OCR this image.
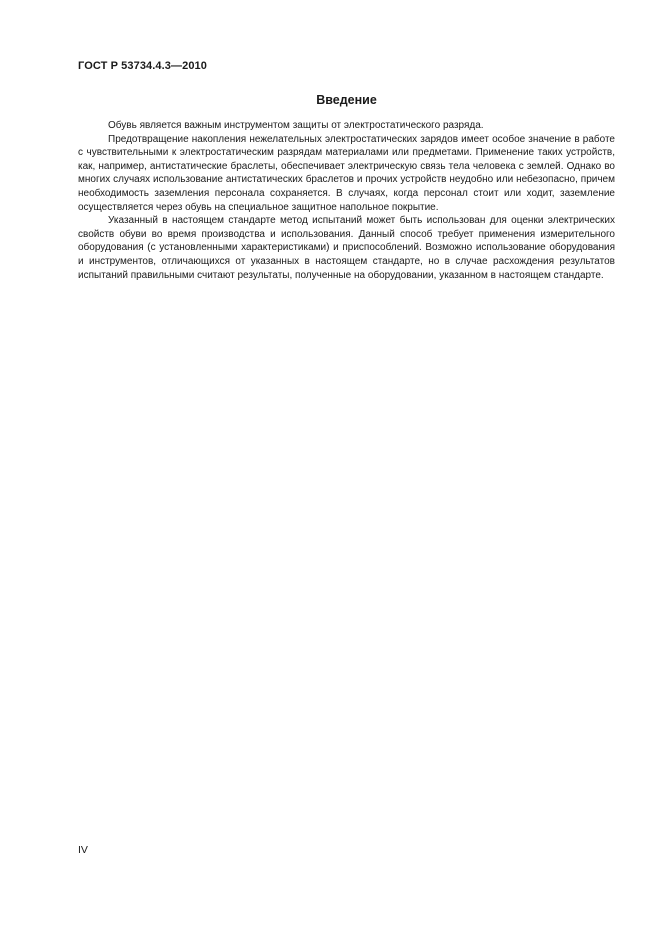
ГОСТ Р 53734.4.3—2010
Введение

Обувь является важным инструментом защиты от электростатического разряда.

Предотвращение накопления нежелательных электростатических зарядов имеет особое значение в работе с чувствительными к электростатическим разрядам материалами или предметами. Применение таких устройств, как, например, антистатические браслеты, обеспечивает электрическую связь тела человека с землей. Однако во многих случаях использование антистатических браслетов и прочих устройств неудобно или небезопасно, причем необходимость заземления персонала сохраняется. В случаях, когда персонал стоит или ходит, заземление осуществляется через обувь на специальное защитное напольное покрытие.

Указанный в настоящем стандарте метод испытаний может быть использован для оценки электрических свойств обуви во время производства и использования. Данный способ требует применения измерительного оборудования (с установленными характеристиками) и приспособлений. Возможно использование оборудования и инструментов, отличающихся от указанных в настоящем стандарте, но в случае расхождения результатов испытаний правильными считают результаты, полученные на оборудовании, указанном в настоящем стандарте.

IV
